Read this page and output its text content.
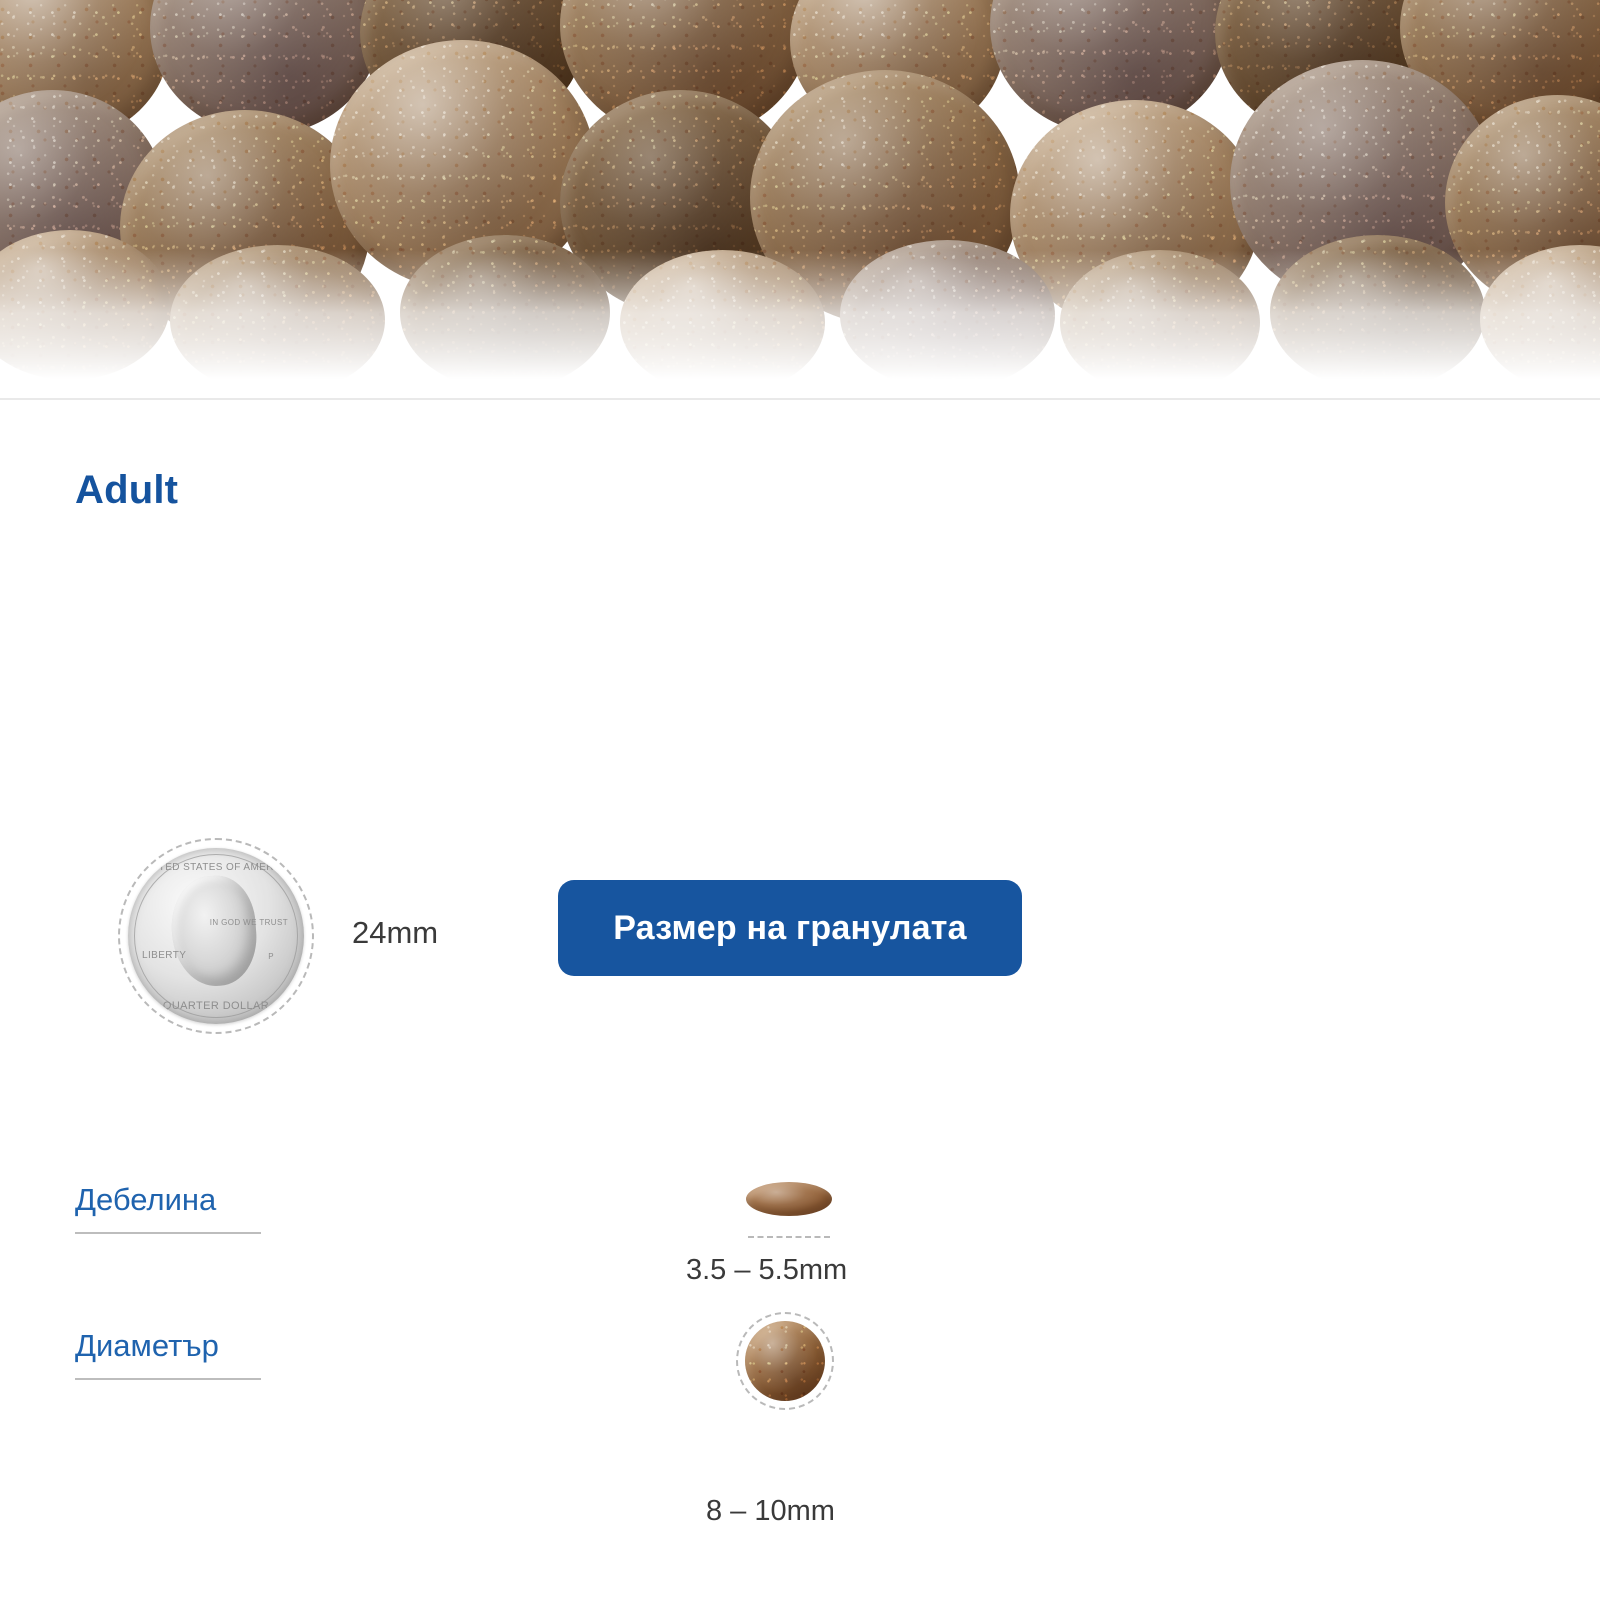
Adult
UNITED STATES OF AMERICA
LIBERTY
IN GOD WE TRUST
P
QUARTER DOLLAR
24mm	Размер на гранулата
Дебелина
3.5 – 5.5mm
Диаметър
8 – 10mm
